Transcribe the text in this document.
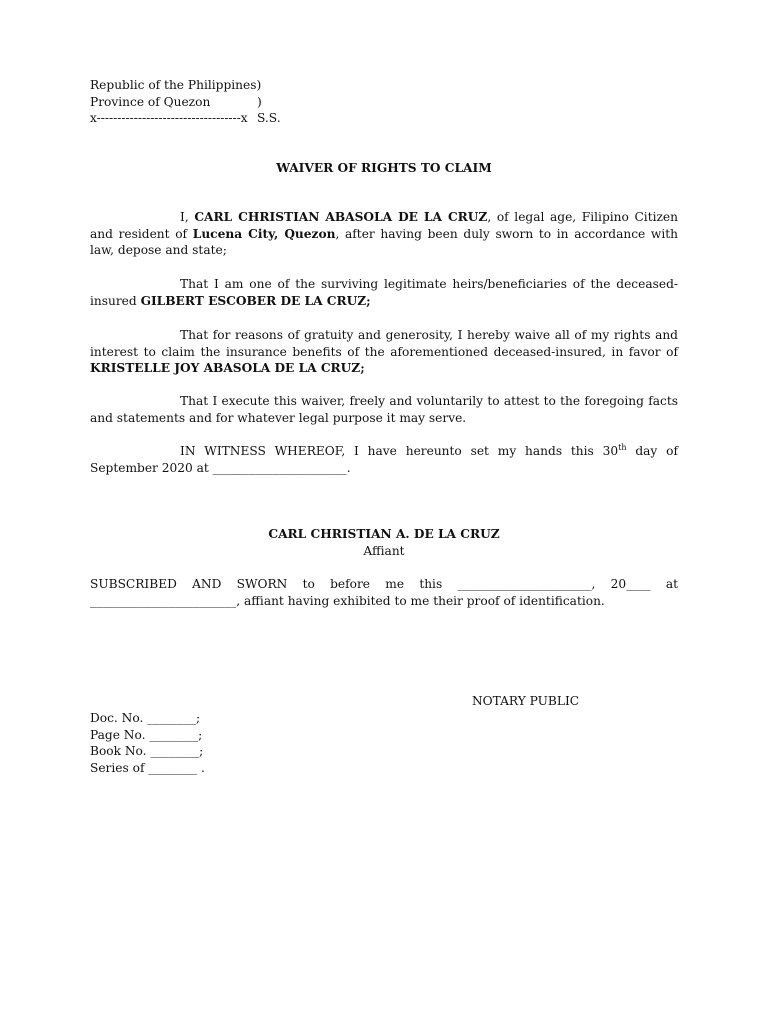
Republic of the Philippines)
Province of Quezon	) S.S.
x-----------------------------------x
WAIVER OF RIGHTS TO CLAIM
I, CARL CHRISTIAN ABASOLA DE LA CRUZ, of legal age, Filipino Citizen and resident of Lucena City, Quezon, after having been duly sworn to in accordance with law, depose and state;
That I am one of the surviving legitimate heirs/beneficiaries of the deceased-insured GILBERT ESCOBER DE LA CRUZ;
That for reasons of gratuity and generosity, I hereby waive all of my rights and interest to claim the insurance benefits of the aforementioned deceased-insured, in favor of KRISTELLE JOY ABASOLA DE LA CRUZ;
That I execute this waiver, freely and voluntarily to attest to the foregoing facts and statements and for whatever legal purpose it may serve.
IN WITNESS WHEREOF, I have hereunto set my hands this 30th day of September 2020 at ______________________.
CARL CHRISTIAN A. DE LA CRUZ
Affiant
SUBSCRIBED AND SWORN to before me this ______________________, 20____ at ________________________, affiant having exhibited to me their proof of identification.
NOTARY PUBLIC
Doc. No. ________;
Page No. ________;
Book No. ________;
Series of ________ .
